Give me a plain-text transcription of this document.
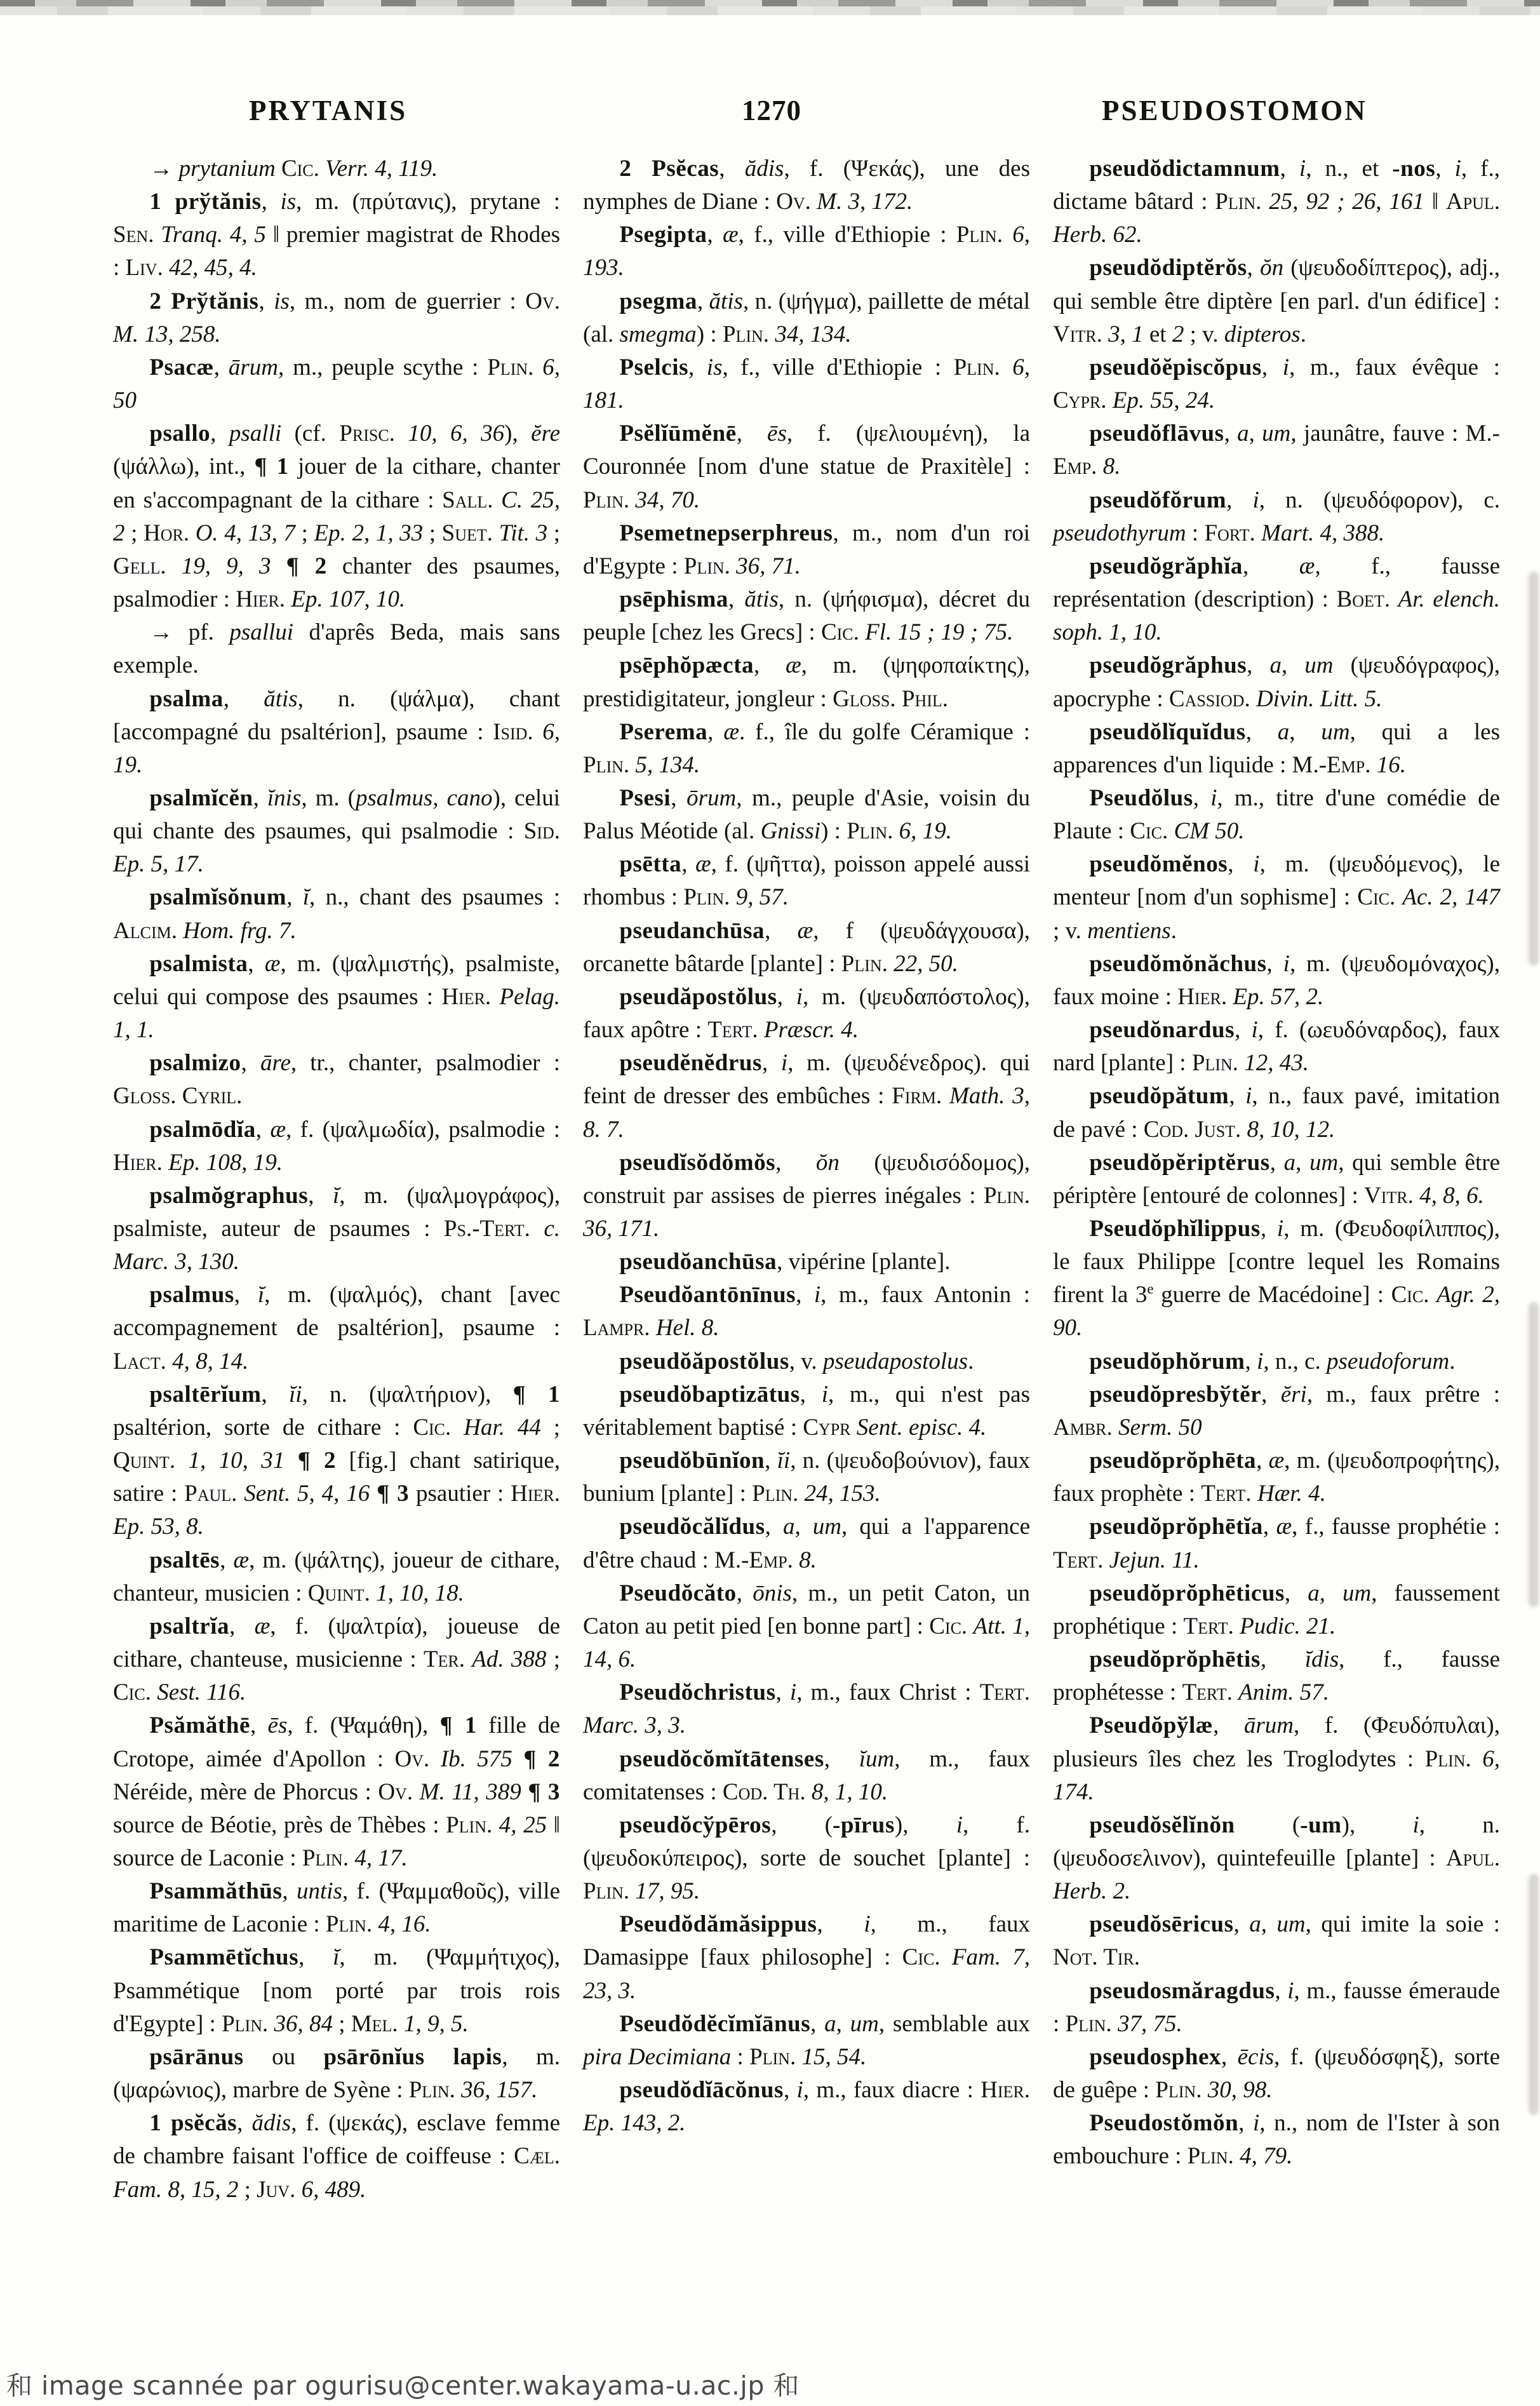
PRYTANIS	1270	PSEUDOSTOMON

→ prytanium Cic. Verr. 4, 119.

1 prўtănis, is, m. (πρύτανις), prytane : Sen. Tranq. 4, 5 ‖ premier magistrat de Rhodes : Liv. 42, 45, 4.

2 Prўtănis, is, m., nom de guerrier : Ov. M. 13, 258.

Psacæ, ārum, m., peuple scythe : Plin. 6, 50

psallo, psalli (cf. Prisc. 10, 6, 36), ĕre (ψάλλω), int., ¶ 1 jouer de la cithare, chanter en s'accompagnant de la cithare : Sall. C. 25, 2 ; Hor. O. 4, 13, 7 ; Ep. 2, 1, 33 ; Suet. Tit. 3 ; Gell. 19, 9, 3 ¶ 2 chanter des psaumes, psalmodier : Hier. Ep. 107, 10.

→ pf. psallui d'aprês Beda, mais sans exemple.

psalma, ătis, n. (ψάλμα), chant [accompagné du psaltérion], psaume : Isid. 6, 19.

psalmĭcĕn, ĭnis, m. (psalmus, cano), celui qui chante des psaumes, qui psalmodie : Sid. Ep. 5, 17.

psalmĭsŏnum, ĭ, n., chant des psaumes : Alcim. Hom. frg. 7.

psalmista, æ, m. (ψαλμιστής), psalmiste, celui qui compose des psaumes : Hier. Pelag. 1, 1.

psalmizo, āre, tr., chanter, psalmodier : Gloss. Cyril.

psalmōdĭa, æ, f. (ψαλμωδία), psalmodie : Hier. Ep. 108, 19.

psalmŏgraphus, ĭ, m. (ψαλμογράφος), psalmiste, auteur de psaumes : Ps.-Tert. c. Marc. 3, 130.

psalmus, ĭ, m. (ψαλμός), chant [avec accompagnement de psaltérion], psaume : Lact. 4, 8, 14.

psaltērĭum, ĭi, n. (ψαλτήριον), ¶ 1 psaltérion, sorte de cithare : Cic. Har. 44 ; Quint. 1, 10, 31 ¶ 2 [fig.] chant satirique, satire : Paul. Sent. 5, 4, 16 ¶ 3 psautier : Hier. Ep. 53, 8.

psaltēs, æ, m. (ψάλτης), joueur de cithare, chanteur, musicien : Quint. 1, 10, 18.

psaltrĭa, æ, f. (ψαλτρία), joueuse de cithare, chanteuse, musicienne : Ter. Ad. 388 ; Cic. Sest. 116.

Psămăthē, ēs, f. (Ψαμάθη), ¶ 1 fille de Crotope, aimée d'Apollon : Ov. Ib. 575 ¶ 2 Néréide, mère de Phorcus : Ov. M. 11, 389 ¶ 3 source de Béotie, près de Thèbes : Plin. 4, 25 ‖ source de Laconie : Plin. 4, 17.

Psammăthūs, untis, f. (Ψαμμαθοῦς), ville maritime de Laconie : Plin. 4, 16.

Psammētĭchus, ĭ, m. (Ψαμμήτιχος), Psammétique [nom porté par trois rois d'Egypte] : Plin. 36, 84 ; Mel. 1, 9, 5.

psārānus ou psārōnĭus lapis, m. (ψαρώνιος), marbre de Syène : Plin. 36, 157.

1 psĕcăs, ădis, f. (ψεκάς), esclave femme de chambre faisant l'office de coiffeuse : Cæl. Fam. 8, 15, 2 ; Juv. 6, 489.

2 Psĕcas, ădis, f. (Ψεκάς), une des nymphes de Diane : Ov. M. 3, 172.

Psegipta, æ, f., ville d'Ethiopie : Plin. 6, 193.

psegma, ătis, n. (ψήγμα), paillette de métal (al. smegma) : Plin. 34, 134.

Pselcis, is, f., ville d'Ethiopie : Plin. 6, 181.

Psĕlĭūmĕnē, ēs, f. (ψελιουμένη), la Couronnée [nom d'une statue de Praxitèle] : Plin. 34, 70.

Psemetnepserphreus, m., nom d'un roi d'Egypte : Plin. 36, 71.

psēphisma, ătis, n. (ψήφισμα), décret du peuple [chez les Grecs] : Cic. Fl. 15 ; 19 ; 75.

psēphŏpæcta, æ, m. (ψηφοπαίκτης), prestidigitateur, jongleur : Gloss. Phil.

Pserema, æ. f., île du golfe Céramique : Plin. 5, 134.

Psesi, ōrum, m., peuple d'Asie, voisin du Palus Méotide (al. Gnissi) : Plin. 6, 19.

psētta, æ, f. (ψῆττα), poisson appelé aussi rhombus : Plin. 9, 57.

pseudanchūsa, æ, f (ψευδάγχουσα), orcanette bâtarde [plante] : Plin. 22, 50.

pseudăpostŏlus, i, m. (ψευδαπόστολος), faux apôtre : Tert. Præscr. 4.

pseudĕnĕdrus, i, m. (ψευδένεδρος). qui feint de dresser des embûches : Firm. Math. 3, 8. 7.

pseudĭsŏdŏmŏs, ŏn (ψευδισόδομος), construit par assises de pierres inégales : Plin. 36, 171.

pseudŏanchūsa, vipérine [plante].

Pseudŏantōnīnus, i, m., faux Antonin : Lampr. Hel. 8.

pseudŏăpostŏlus, v. pseudapostolus.

pseudŏbaptizātus, i, m., qui n'est pas véritablement baptisé : Cypr Sent. episc. 4.

pseudŏbūnĭon, ĭi, n. (ψευδοβούνιον), faux bunium [plante] : Plin. 24, 153.

pseudŏcălĭdus, a, um, qui a l'apparence d'être chaud : M.-Emp. 8.

Pseudŏcăto, ōnis, m., un petit Caton, un Caton au petit pied [en bonne part] : Cic. Att. 1, 14, 6.

Pseudŏchristus, i, m., faux Christ : Tert. Marc. 3, 3.

pseudŏcŏmĭtātenses, ĭum, m., faux comitatenses : Cod. Th. 8, 1, 10.

pseudŏcўpēros, (-pīrus), i, f. (ψευδοκύπειρος), sorte de souchet [plante] : Plin. 17, 95.

Pseudŏdămăsippus, i, m., faux Damasippe [faux philosophe] : Cic. Fam. 7, 23, 3.

Pseudŏdĕcĭmĭānus, a, um, semblable aux pira Decimiana : Plin. 15, 54.

pseudŏdĭācŏnus, i, m., faux diacre : Hier. Ep. 143, 2.

pseudŏdictamnum, i, n., et -nos, i, f., dictame bâtard : Plin. 25, 92 ; 26, 161 ‖ Apul. Herb. 62.

pseudŏdiptĕrŏs, ŏn (ψευδοδίπτερος), adj., qui semble être diptère [en parl. d'un édifice] : Vitr. 3, 1 et 2 ; v. dipteros.

pseudŏĕpiscŏpus, i, m., faux évêque : Cypr. Ep. 55, 24.

pseudŏflāvus, a, um, jaunâtre, fauve : M.-Emp. 8.

pseudŏfŏrum, i, n. (ψευδόφορον), c. pseudothyrum : Fort. Mart. 4, 388.

pseudŏgrăphĭa, æ, f., fausse représentation (description) : Boet. Ar. elench. soph. 1, 10.

pseudŏgrăphus, a, um (ψευδόγραφος), apocryphe : Cassiod. Divin. Litt. 5.

pseudŏlĭquĭdus, a, um, qui a les apparences d'un liquide : M.-Emp. 16.

Pseudŏlus, i, m., titre d'une comédie de Plaute : Cic. CM 50.

pseudŏmĕnos, i, m. (ψευδόμενος), le menteur [nom d'un sophisme] : Cic. Ac. 2, 147 ; v. mentiens.

pseudŏmŏnăchus, i, m. (ψευδομόναχος), faux moine : Hier. Ep. 57, 2.

pseudŏnardus, i, f. (ωευδόναρδος), faux nard [plante] : Plin. 12, 43.

pseudŏpătum, i, n., faux pavé, imitation de pavé : Cod. Just. 8, 10, 12.

pseudŏpĕriptĕrus, a, um, qui semble être périptère [entouré de colonnes] : Vitr. 4, 8, 6.

Pseudŏphĭlippus, i, m. (Φευδοφίλιππος), le faux Philippe [contre lequel les Romains firent la 3e guerre de Macédoine] : Cic. Agr. 2, 90.

pseudŏphŏrum, i, n., c. pseudoforum.

pseudŏpresbўtĕr, ĕri, m., faux prêtre : Ambr. Serm. 50

pseudŏprŏphēta, æ, m. (ψευδοπροφήτης), faux prophète : Tert. Hær. 4.

pseudŏprŏphētĭa, æ, f., fausse prophétie : Tert. Jejun. 11.

pseudŏprŏphēticus, a, um, faussement prophétique : Tert. Pudic. 21.

pseudŏprŏphētis, ĭdis, f., fausse prophétesse : Tert. Anim. 57.

Pseudŏpўlæ, ārum, f. (Φευδόπυλαι), plusieurs îles chez les Troglodytes : Plin. 6, 174.

pseudŏsĕlĭnŏn (-um), i, n. (ψευδοσελινον), quintefeuille [plante] : Apul. Herb. 2.

pseudŏsēricus, a, um, qui imite la soie : Not. Tir.

pseudosmăragdus, i, m., fausse émeraude : Plin. 37, 75.

pseudosphex, ēcis, f. (ψευδόσφηξ), sorte de guêpe : Plin. 30, 98.

Pseudostŏmŏn, i, n., nom de l'Ister à son embouchure : Plin. 4, 79.

和 image scannée par ogurisu@center.wakayama-u.ac.jp 和
